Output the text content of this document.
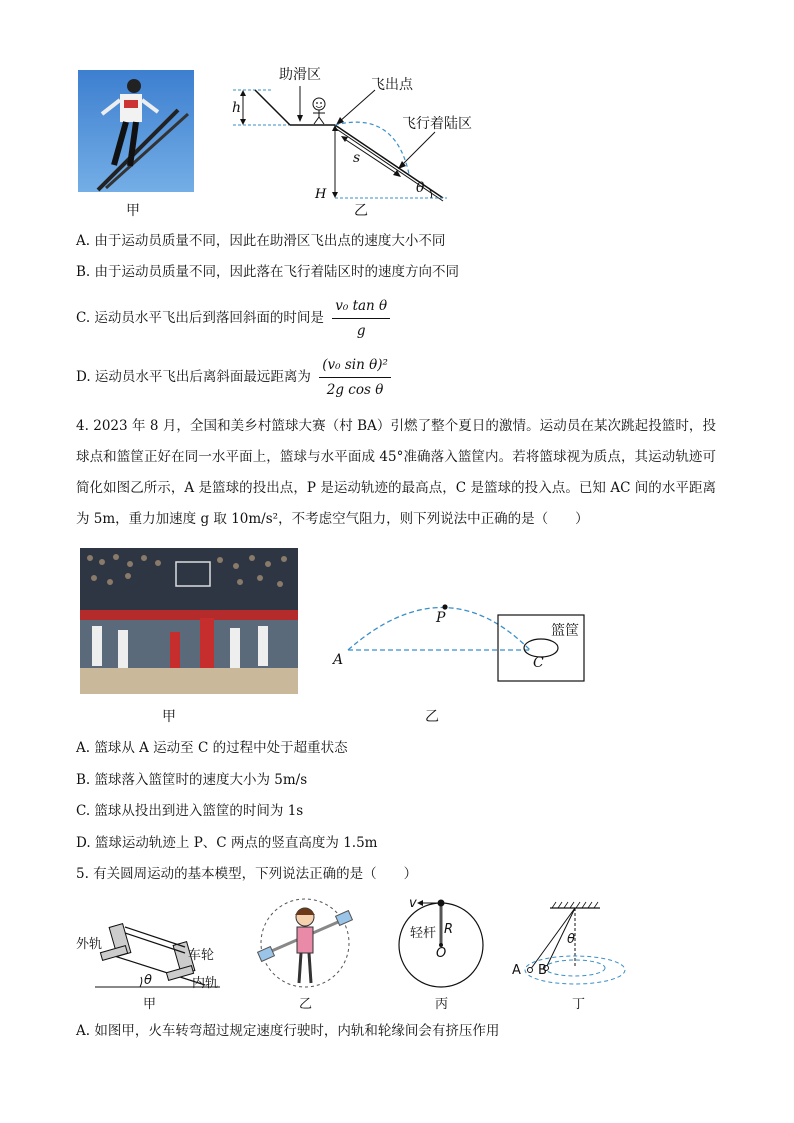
甲
H
助滑区
飞出点
飞行着陆区
h
s
θ
乙
A. 由于运动员质量不同，因此在助滑区飞出点的速度大小不同
B. 由于运动员质量不同，因此落在飞行着陆区时的速度方向不同
C. 运动员水平飞出后到落回斜面的时间是 $\frac{\text{v₀ tan θ}}{g}$
D. 运动员水平飞出后离斜面最远距离为 $\frac{\text{(v₀ sin θ)²}}{\text{2g cos θ}}$
4. 2023 年 8 月，全国和美乡村篮球大赛（村 BA）引燃了整个夏日的激情。运动员在某次跳起投篮时，投球点和篮筐正好在同一水平面上，篮球与水平面成 45°准确落入篮筐内。若将篮球视为质点，其运动轨迹可简化如图乙所示，A 是篮球的投出点，P 是运动轨迹的最高点，C 是篮球的投入点。已知 AC 间的水平距离为 5m，重力加速度 g 取 10m/s²，不考虑空气阻力，则下列说法中正确的是（　　）
甲
A
P
C
篮筐
乙
A. 篮球从 A 运动至 C 的过程中处于超重状态
B. 篮球落入篮筐时的速度大小为 5m/s
C. 篮球从投出到进入篮筐的时间为 1s
D. 篮球运动轨迹上 P、C 两点的竖直高度为 1.5m
5. 有关圆周运动的基本模型，下列说法正确的是（　　）
外轨
车轮
内轨
θ
甲	乙
v
轻杆 R
O
丙
θ
A B
丁
A. 如图甲，火车转弯超过规定速度行驶时，内轨和轮缘间会有挤压作用
